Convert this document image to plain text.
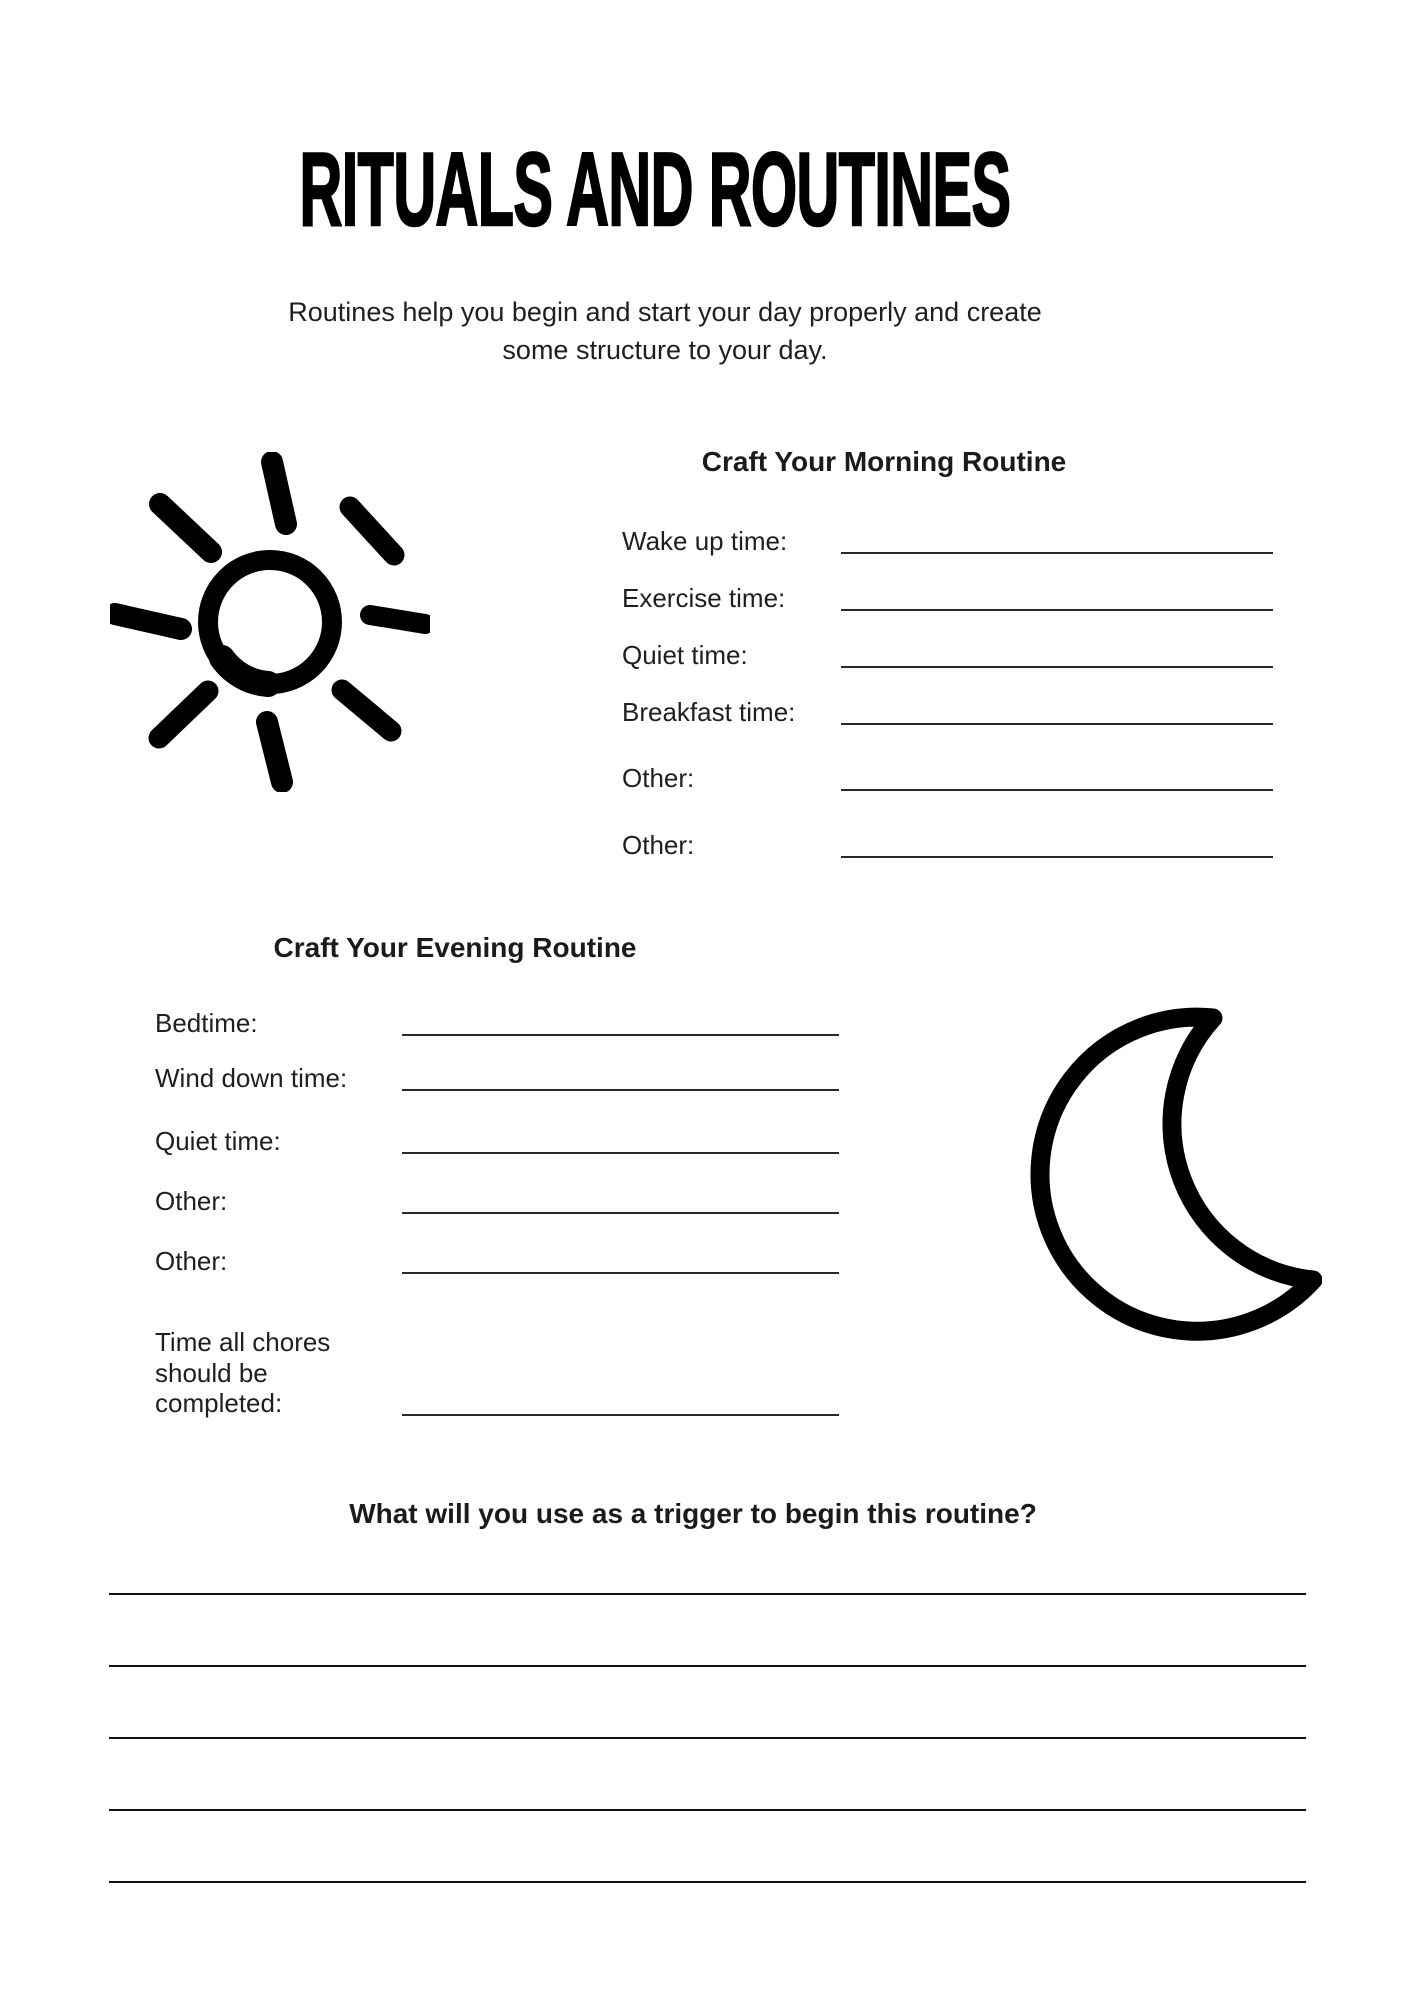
RITUALS AND ROUTINES
Routines help you begin and start your day properly and create
some structure to your day.
Craft Your Morning Routine
Wake up time:
Exercise time:
Quiet time:
Breakfast time:
Other:
Other:
Craft Your Evening Routine
Bedtime:
Wind down time:
Quiet time:
Other:
Other:
Time all chores should be completed:
What will you use as a trigger to begin this routine?
